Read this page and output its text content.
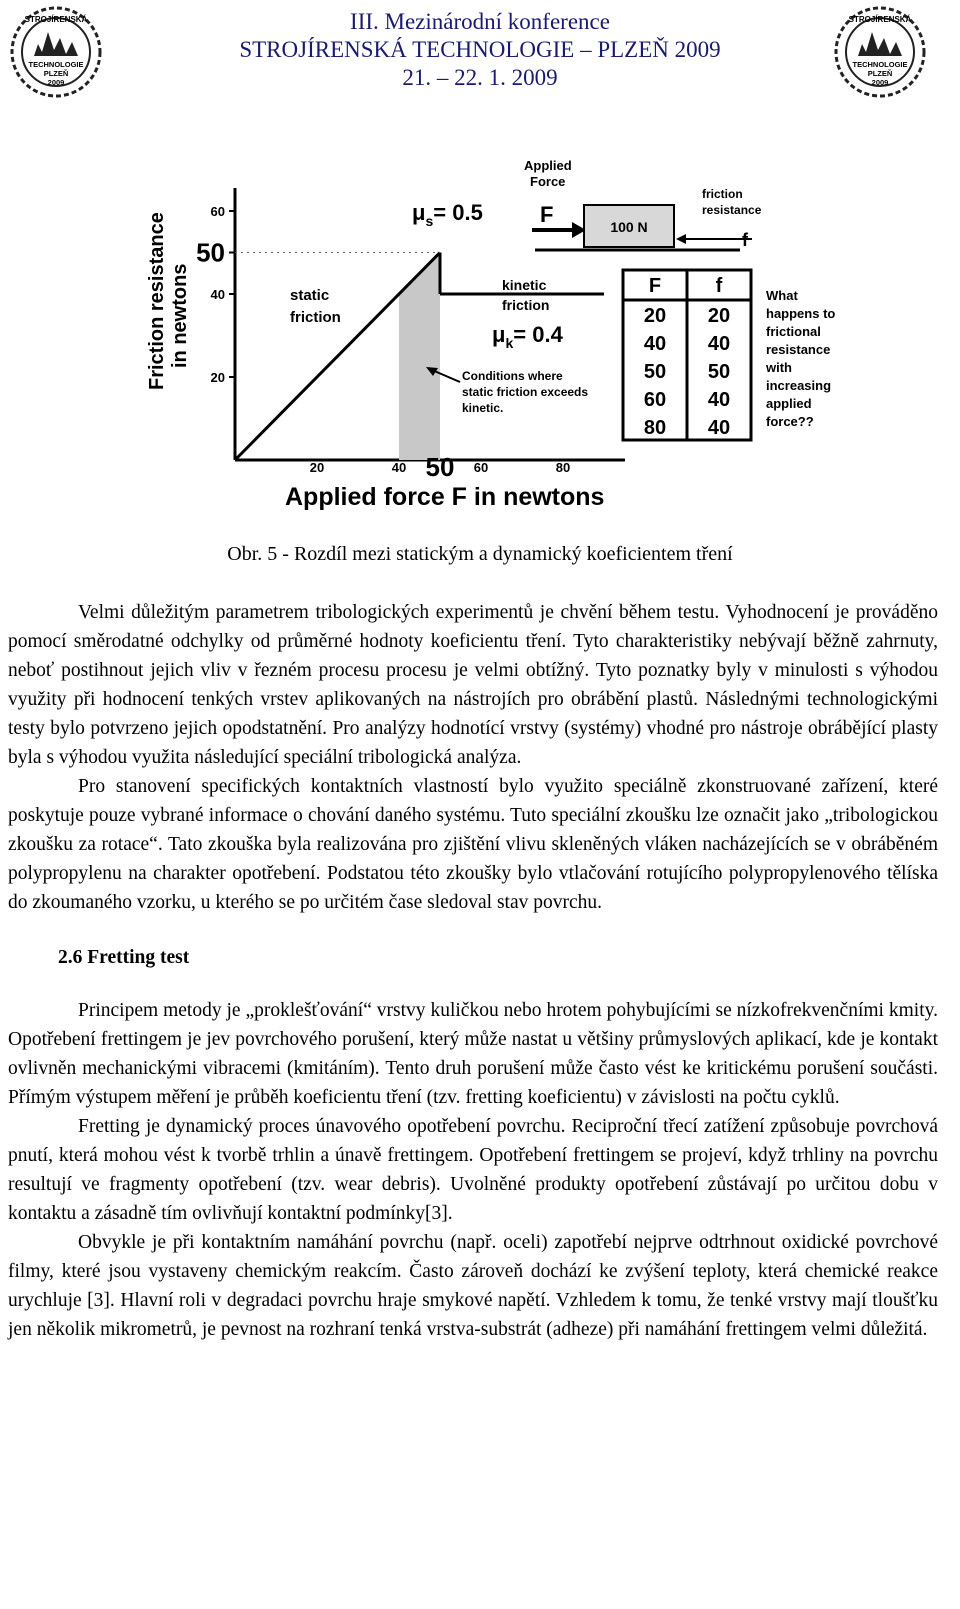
STROJÍRENSKÁ
TECHNOLOGIE
PLZEŇ
2009
STROJÍRENSKÁ
TECHNOLOGIE
PLZEŇ
2009
III. Mezinárodní konference
STROJÍRENSKÁ TECHNOLOGIE – PLZEŇ 2009
21. – 22. 1. 2009
60
50
40
20
20	40 50 60	80
Friction resistance in newtons
Applied force F in newtons
static
friction
$\mu_s= 0.5$
kinetic
friction
$\mu_k= 0.4$
Conditions where
static friction exceeds
kinetic.
Applied
Force
F	100 N
friction
resistance
f
F	f
20 20
40 40
50 50
60 40
80 40
What
happens to
frictional
resistance
with
increasing
applied
force??
Obr. 5 - Rozdíl mezi statickým a dynamický koeficientem tření

Velmi důležitým parametrem tribologických experimentů je chvění během testu. Vyhodnocení je prováděno pomocí směrodatné odchylky od průměrné hodnoty koeficientu tření. Tyto charakteristiky nebývají běžně zahrnuty, neboť postihnout jejich vliv v řezném procesu procesu je velmi obtížný. Tyto poznatky byly v minulosti s výhodou využity při hodnocení tenkých vrstev aplikovaných na nástrojích pro obrábění plastů. Následnými technologickými testy bylo potvrzeno jejich opodstatnění. Pro analýzy hodnotící vrstvy (systémy) vhodné pro nástroje obrábějící plasty byla s výhodou využita následující speciální tribologická analýza.

Pro stanovení specifických kontaktních vlastností bylo využito speciálně zkonstruované zařízení, které poskytuje pouze vybrané informace o chování daného systému. Tuto speciální zkoušku lze označit jako „tribologickou zkoušku za rotace“. Tato zkouška byla realizována pro zjištění vlivu skleněných vláken nacházejících se v obráběném polypropylenu na charakter opotřebení. Podstatou této zkoušky bylo vtlačování rotujícího polypropylenového tělíska do zkoumaného vzorku, u kterého se po určitém čase sledoval stav povrchu.

2.6 Fretting test

Principem metody je „proklešťování“ vrstvy kuličkou nebo hrotem pohybujícími se nízkofrekvenčními kmity. Opotřebení frettingem je jev povrchového porušení, který může nastat u většiny průmyslových aplikací, kde je kontakt ovlivněn mechanickými vibracemi (kmitáním). Tento druh porušení může často vést ke kritickému porušení součásti. Přímým výstupem měření je průběh koeficientu tření (tzv. fretting koeficientu) v závislosti na počtu cyklů.

Fretting je dynamický proces únavového opotřebení povrchu. Reciproční třecí zatížení způsobuje povrchová pnutí, která mohou vést k tvorbě trhlin a únavě frettingem. Opotřebení frettingem se projeví, když trhliny na povrchu resultují ve fragmenty opotřebení (tzv. wear debris). Uvolněné produkty opotřebení zůstávají po určitou dobu v kontaktu a zásadně tím ovlivňují kontaktní podmínky[3].

Obvykle je při kontaktním namáhání povrchu (např. oceli) zapotřebí nejprve odtrhnout oxidické povrchové filmy, které jsou vystaveny chemickým reakcím. Často zároveň dochází ke zvýšení teploty, která chemické reakce urychluje [3]. Hlavní roli v degradaci povrchu hraje smykové napětí. Vzhledem k tomu, že tenké vrstvy mají tloušťku jen několik mikrometrů, je pevnost na rozhraní tenká vrstva-substrát (adheze) při namáhání frettingem velmi důležitá.
